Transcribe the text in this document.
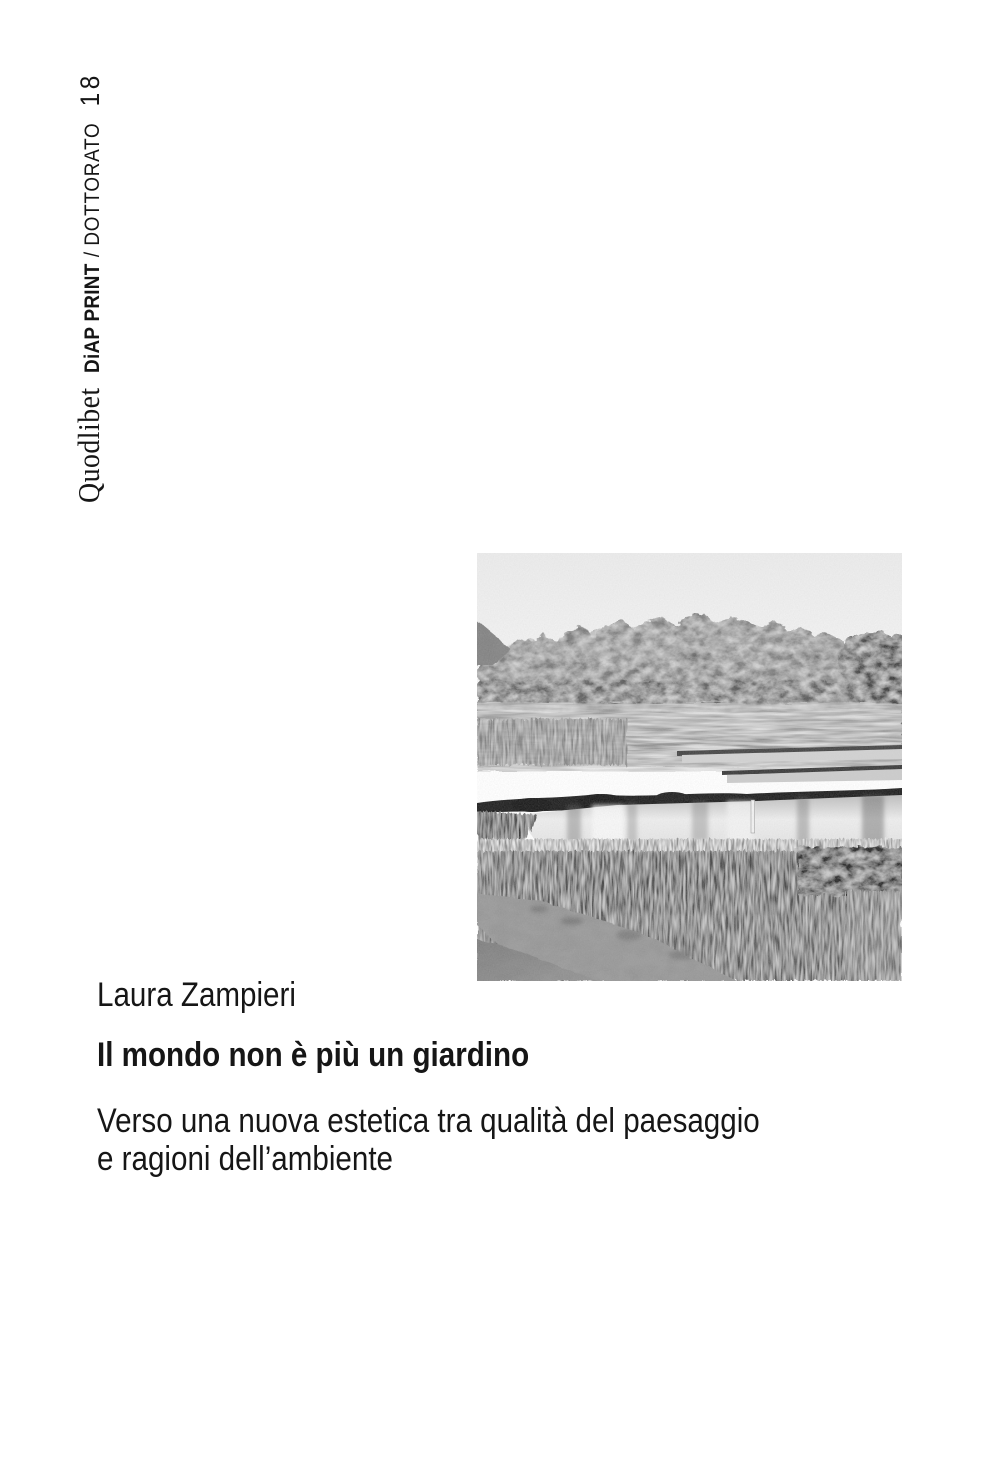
Quodlibet
DiAP PRINT
/
DOTTORATO
18
Laura Zampieri
Il mondo non è più un giardino
Verso una nuova estetica tra qualità del paesaggio
e ragioni dell’ambiente
